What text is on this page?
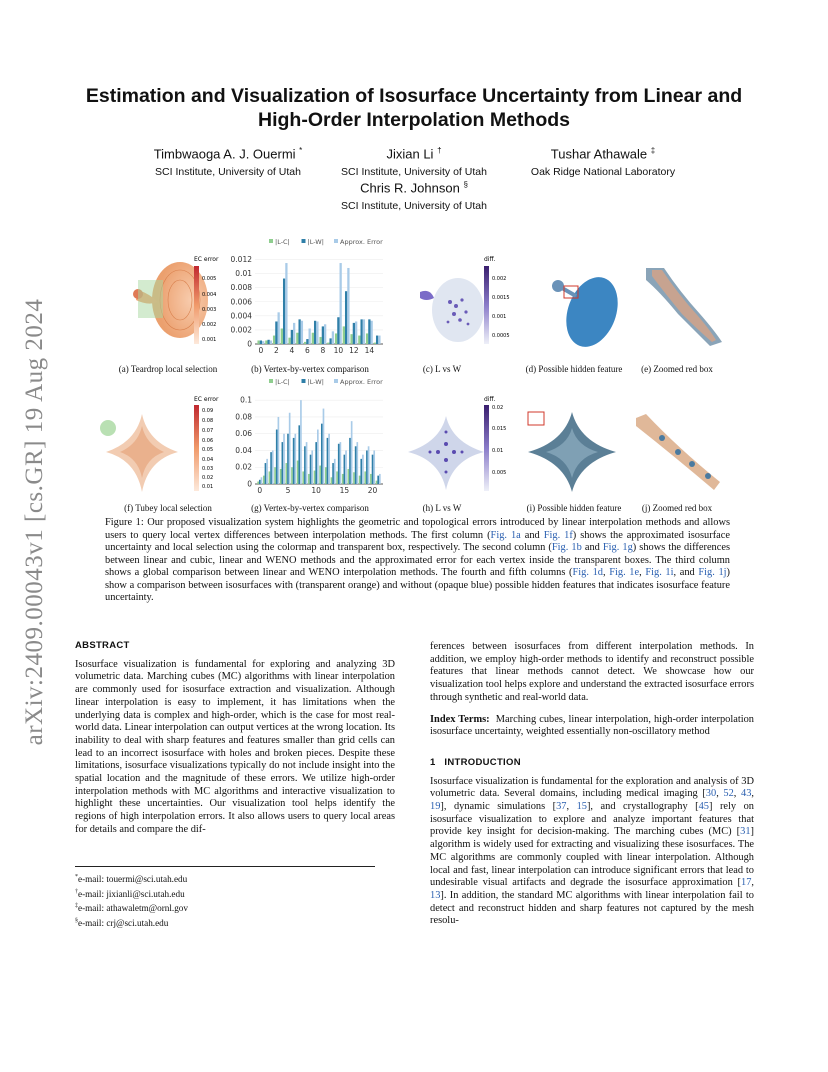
arXiv:2409.00043v1 [cs.GR] 19 Aug 2024
Estimation and Visualization of Isosurface Uncertainty from Linear and
High-Order Interpolation Methods
Timbwaoga A. J. Ouermi *
SCI Institute, University of Utah
Jixian Li †
SCI Institute, University of Utah
Tushar Athawale ‡
Oak Ridge National Laboratory
Chris R. Johnson §
SCI Institute, University of Utah
EC error
0.005
0.004
0.003
0.002
0.001
|L-C|	|L-W| Approx. Error
0
0.002
0.004
0.006
0.008
0.01
0.012
0 2 4 6 8 10 12 14
diff.
0.002
0.0015
0.001
0.0005
(a) Teardrop local selection	(b) Vertex-by-vertex comparison	(c) L vs W	(d) Possible hidden feature	(e) Zoomed red box
EC error
0.09
0.08
0.07
0.06
0.05
0.04
0.03
0.02
0.01
|L-C|	|L-W| Approx. Error
0
0.02
0.04
0.06
0.08
0.1
0	5	10 15 20
diff.
0.02
0.015
0.01
0.005
(f) Tubey local selection	(g) Vertex-by-vertex comparison	(h) L vs W	(i) Possible hidden feature	(j) Zoomed red box
Figure 1: Our proposed visualization system highlights the geometric and topological errors introduced by linear interpolation methods and allows users to query local vertex differences between interpolation methods. The first column (Fig. 1a and Fig. 1f) shows the approximated isosurface uncertainty and local selection using the colormap and transparent box, respectively. The second column (Fig. 1b and Fig. 1g) shows the differences between linear and cubic, linear and WENO methods and the approximated error for each vertex inside the transparent boxes. The third column shows a global comparison between linear and WENO interpolation methods. The fourth and fifth columns (Fig. 1d, Fig. 1e, Fig. 1i, and Fig. 1j) show a comparison between isosurfaces with (transparent orange) and without (opaque blue) possible hidden features that indicates isosurface feature uncertainty.
ABSTRACT

Isosurface visualization is fundamental for exploring and analyzing 3D volumetric data. Marching cubes (MC) algorithms with linear interpolation are commonly used for isosurface extraction and visualization. Although linear interpolation is easy to implement, it has limitations when the underlying data is complex and high-order, which is the case for most real-world data. Linear interpolation can output vertices at the wrong location. Its inability to deal with sharp features and features smaller than grid cells can lead to an incorrect isosurface with holes and broken pieces. Despite these limitations, isosurface visualizations typically do not include insight into the spatial location and the magnitude of these errors. We utilize high-order interpolation methods with MC algorithms and interactive visualization to highlight these uncertainties. Our visualization tool helps identify the regions of high interpolation errors. It also allows users to query local areas for details and compare the dif-

*e-mail: touermi@sci.utah.edu
†e-mail: jixianli@sci.utah.edu
‡e-mail: athawaletm@ornl.gov
§e-mail: crj@sci.utah.edu

ferences between isosurfaces from different interpolation methods. In addition, we employ high-order methods to identify and reconstruct possible features that linear methods cannot detect. We showcase how our visualization tool helps explore and understand the extracted isosurface errors through synthetic and real-world data.

Index Terms: Marching cubes, linear interpolation, high-order interpolation isosurface uncertainty, weighted essentially non-oscillatory method

1 INTRODUCTION

Isosurface visualization is fundamental for the exploration and analysis of 3D volumetric data. Several domains, including medical imaging [30, 52, 43, 19], dynamic simulations [37, 15], and crystallography [45] rely on isosurface visualization to explore and analyze important features that provide key insight for decision-making. The marching cubes (MC) [31] algorithm is widely used for extracting and visualizing these isosurfaces. The MC algorithms are commonly coupled with linear interpolation. Although local and fast, linear interpolation can introduce significant errors that lead to undesirable visual artifacts and degrade the isosurface approximation [17, 13]. In addition, the standard MC algorithms with linear interpolation fail to detect and reconstruct hidden and sharp features not captured by the mesh resolu-
